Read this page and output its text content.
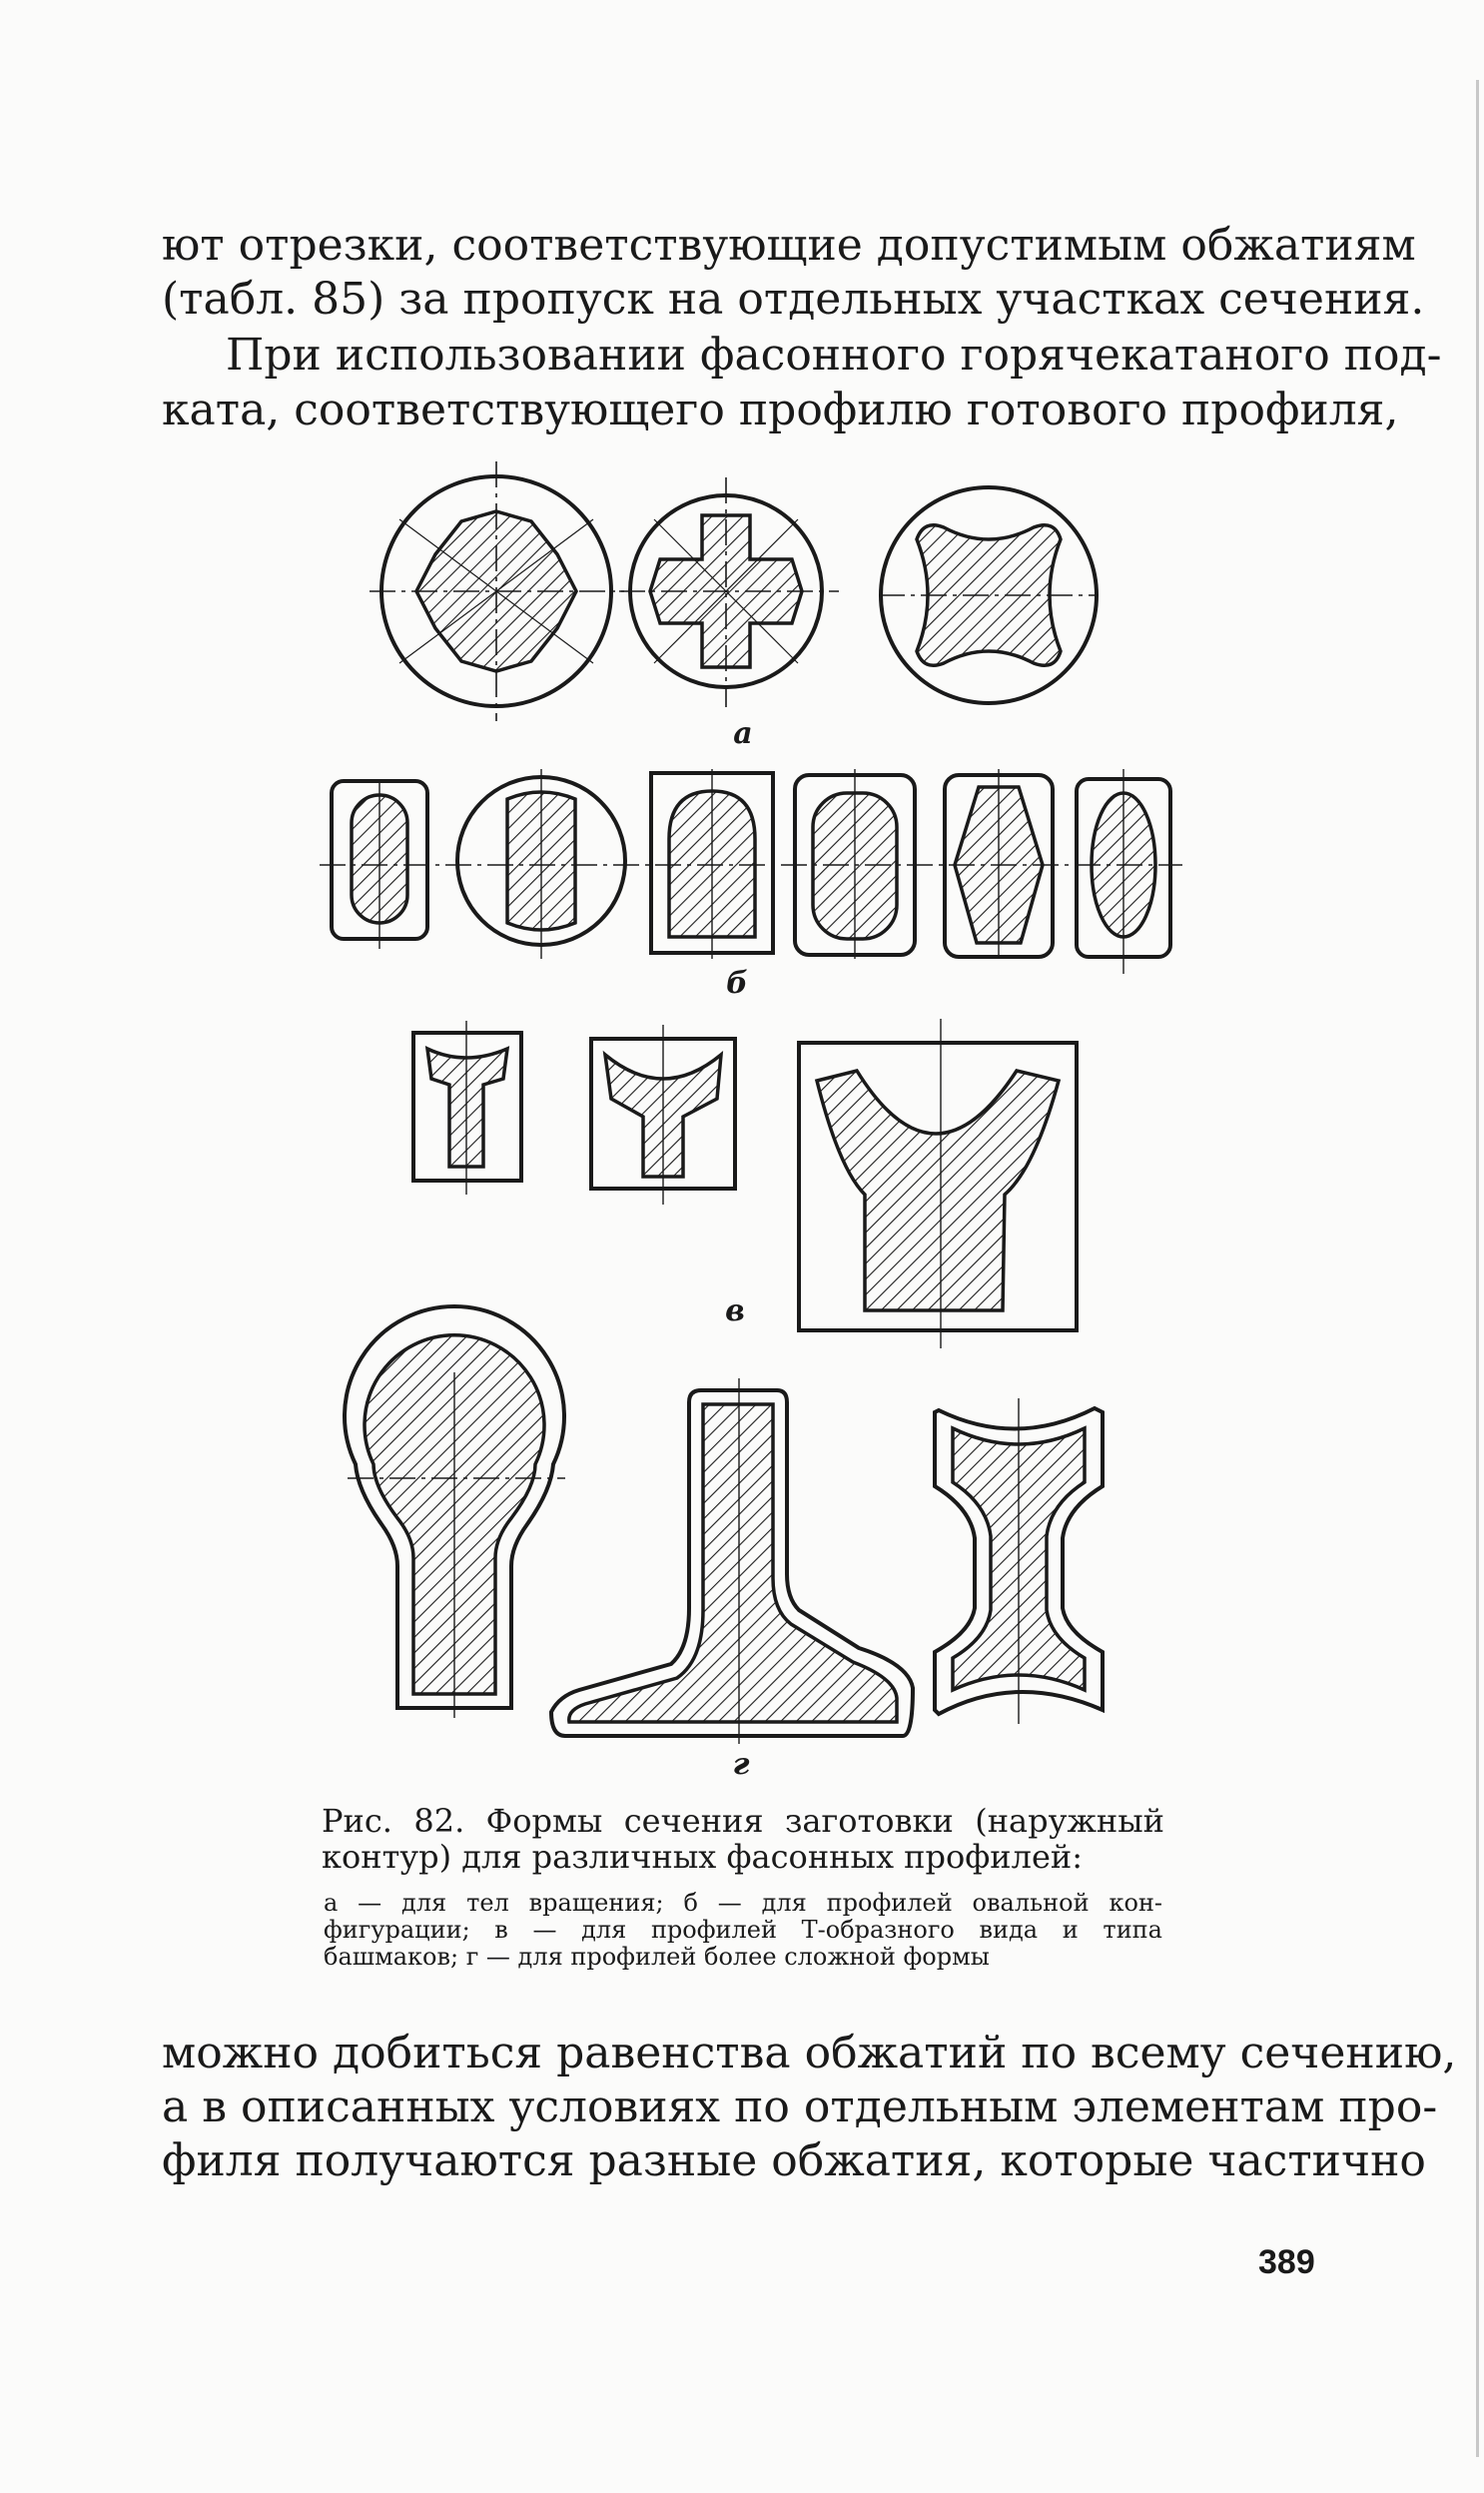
ют отрезки, соответствующие допустимым обжатиям

(табл. 85) за пропуск на отдельных участках сечения.

При использовании фасонного горячекатаного под-

ката, соответствующего профилю готового профиля,

а
б
в
г

Рис. 82. Формы сечения заготовки (наружный

контур) для различных фасонных профилей:

а — для тел вращения; б — для профилей овальной кон-

фигурации; в — для профилей Т-образного вида и типа

башмаков; г — для профилей более сложной формы

можно добиться равенства обжатий по всему сечению,

а в описанных условиях по отдельным элементам про-

филя получаются разные обжатия, которые частично

389
